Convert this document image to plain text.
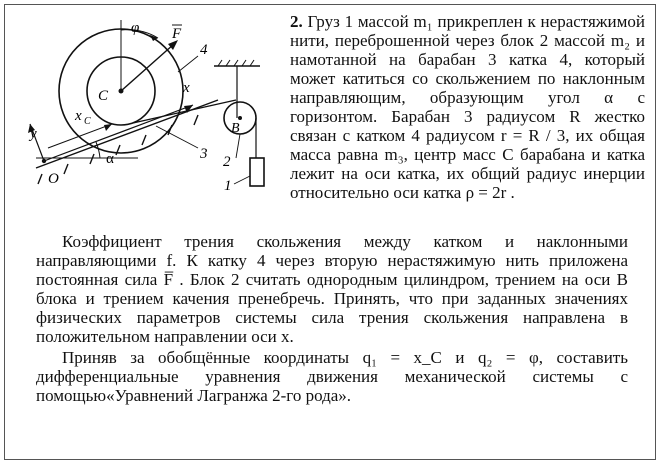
φ F
4
x
C
x C
y
O
α	3
B
2
1
2. Груз 1 массой m₁ прикреплен к нерастяжимой нити, переброшенной через блок 2 массой m₂ и намотанной на барабан 3 катка 4, который может катиться со скольжением по наклонным направляющим, образующим угол α с горизонтом. Барабан 3 радиусом R жестко связан с катком 4 радиусом r = R / 3, их общая масса равна m₃, центр масс C барабана и катка лежит на оси катка, их общий радиус инерции относительно оси катка ρ = 2r .
Коэффициент трения скольжения между катком и наклонными направляющими f. К катку 4 через вторую нерастяжимую нить приложена постоянная сила F̅ . Блок 2 считать однородным цилиндром, трением на оси B блока и трением качения пренебречь. Принять, что при заданных значениях физических параметров системы сила трения скольжения направлена в положительном направлении оси x.
Приняв за обобщённые координаты q₁ = x_C и q₂ = φ, составить дифференциальные уравнения движения механической системы с помощью«Уравнений Лагранжа 2-го рода».
